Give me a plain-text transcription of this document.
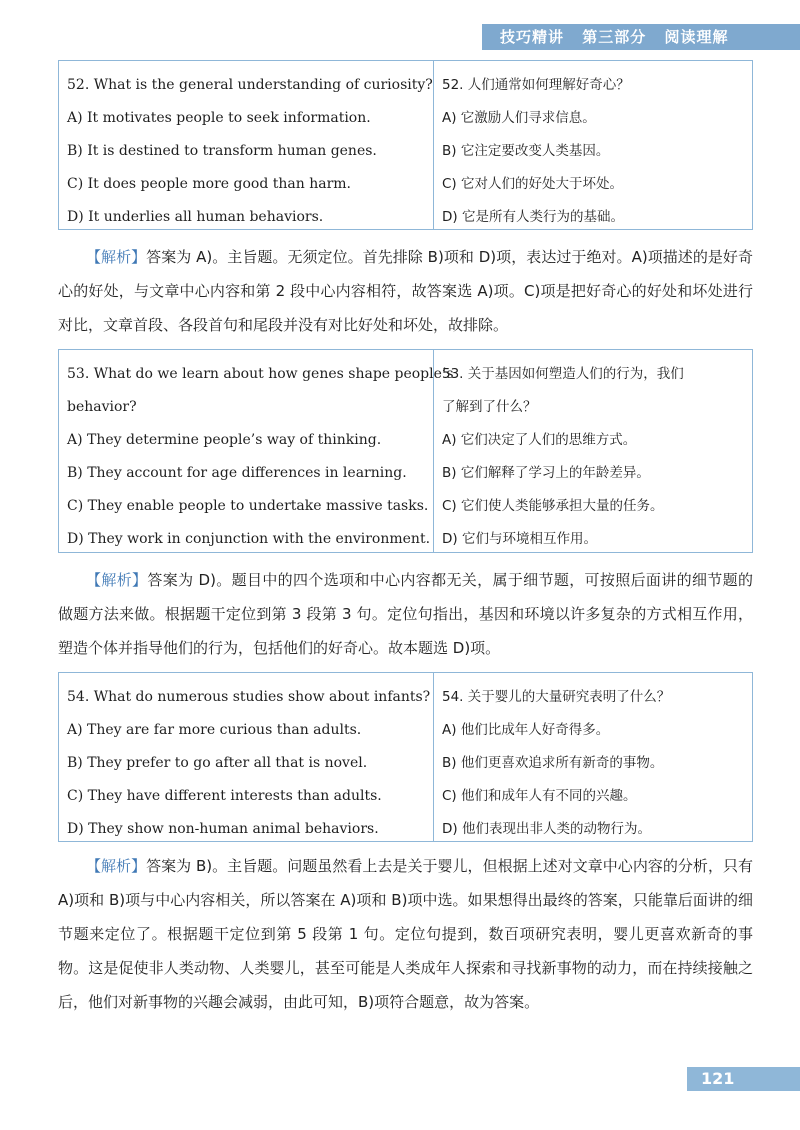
技巧精讲 第三部分 阅读理解
52. What is the general understanding of curiosity?
A) It motivates people to seek information.
B) It is destined to transform human genes.
C) It does people more good than harm.
D) It underlies all human behaviors.
52. 人们通常如何理解好奇心？
A) 它激励人们寻求信息。
B) 它注定要改变人类基因。
C) 它对人们的好处大于坏处。
D) 它是所有人类行为的基础。
【解析】答案为 A)。主旨题。无须定位。首先排除 B)项和 D)项，表达过于绝对。A)项描述的是好奇心的好处，与文章中心内容和第 2 段中心内容相符，故答案选 A)项。C)项是把好奇心的好处和坏处进行对比，文章首段、各段首句和尾段并没有对比好处和坏处，故排除。
53. What do we learn about how genes shape people’s
behavior?
A) They determine people’s way of thinking.
B) They account for age differences in learning.
C) They enable people to undertake massive tasks.
D) They work in conjunction with the environment.
53. 关于基因如何塑造人们的行为，我们
了解到了什么？
A) 它们决定了人们的思维方式。
B) 它们解释了学习上的年龄差异。
C) 它们使人类能够承担大量的任务。
D) 它们与环境相互作用。
【解析】答案为 D)。题目中的四个选项和中心内容都无关，属于细节题，可按照后面讲的细节题的做题方法来做。根据题干定位到第 3 段第 3 句。定位句指出，基因和环境以许多复杂的方式相互作用，塑造个体并指导他们的行为，包括他们的好奇心。故本题选 D)项。
54. What do numerous studies show about infants?
A) They are far more curious than adults.
B) They prefer to go after all that is novel.
C) They have different interests than adults.
D) They show non-human animal behaviors.
54. 关于婴儿的大量研究表明了什么？
A) 他们比成年人好奇得多。
B) 他们更喜欢追求所有新奇的事物。
C) 他们和成年人有不同的兴趣。
D) 他们表现出非人类的动物行为。
【解析】答案为 B)。主旨题。问题虽然看上去是关于婴儿，但根据上述对文章中心内容的分析，只有 A)项和 B)项与中心内容相关，所以答案在 A)项和 B)项中选。如果想得出最终的答案，只能靠后面讲的细节题来定位了。根据题干定位到第 5 段第 1 句。定位句提到，数百项研究表明，婴儿更喜欢新奇的事物。这是促使非人类动物、人类婴儿，甚至可能是人类成年人探索和寻找新事物的动力，而在持续接触之后，他们对新事物的兴趣会减弱，由此可知，B)项符合题意，故为答案。
121
